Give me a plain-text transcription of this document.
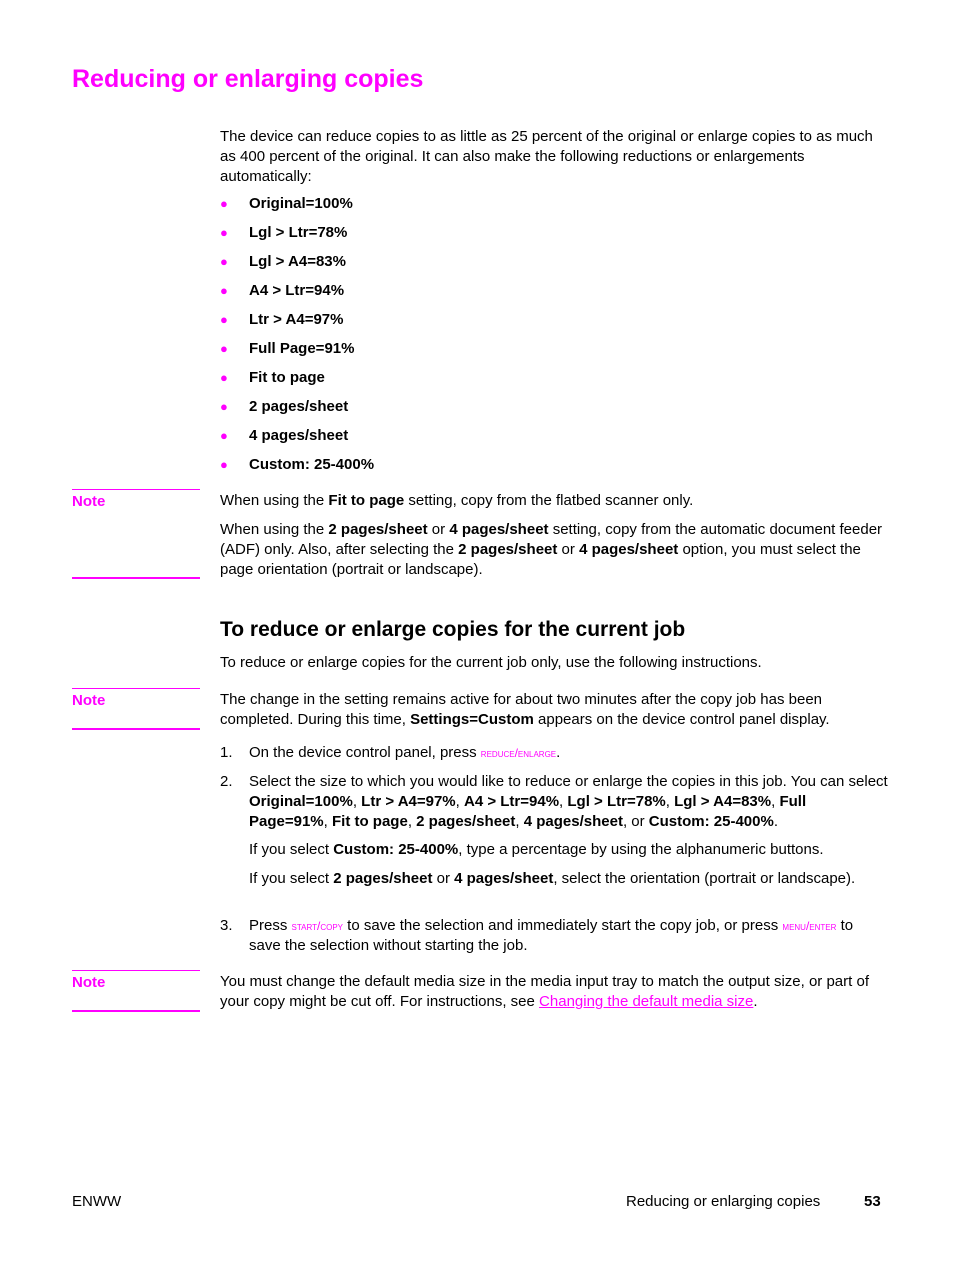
Reducing or enlarging copies

The device can reduce copies to as little as 25 percent of the original or enlarge copies to as much as 400 percent of the original. It can also make the following reductions or enlargements automatically:

● Original=100%
● Lgl > Ltr=78%
● Lgl > A4=83%
● A4 > Ltr=94%
● Ltr > A4=97%
● Full Page=91%
● Fit to page
● 2 pages/sheet
● 4 pages/sheet
● Custom: 25-400%
Note	When using the Fit to page setting, copy from the flatbed scanner only.

When using the 2 pages/sheet or 4 pages/sheet setting, copy from the automatic document feeder (ADF) only. Also, after selecting the 2 pages/sheet or 4 pages/sheet option, you must select the page orientation (portrait or landscape).

To reduce or enlarge copies for the current job

To reduce or enlarge copies for the current job only, use the following instructions.

Note	The change in the setting remains active for about two minutes after the copy job has been completed. During this time, Settings=Custom appears on the device control panel display.

1. On the device control panel, press reduce/enlarge.
2. Select the size to which you would like to reduce or enlarge the copies in this job. You can select Original=100%, Ltr > A4=97%, A4 > Ltr=94%, Lgl > Ltr=78%, Lgl > A4=83%, Full Page=91%, Fit to page, 2 pages/sheet, 4 pages/sheet, or Custom: 25-400%.

If you select Custom: 25-400%, type a percentage by using the alphanumeric buttons.

If you select 2 pages/sheet or 4 pages/sheet, select the orientation (portrait or landscape).

3. Press start/copy to save the selection and immediately start the copy job, or press menu/enter to save the selection without starting the job.
Note	You must change the default media size in the media input tray to match the output size, or part of your copy might be cut off. For instructions, see Changing the default media size.

ENWW	Reducing or enlarging copies	53
